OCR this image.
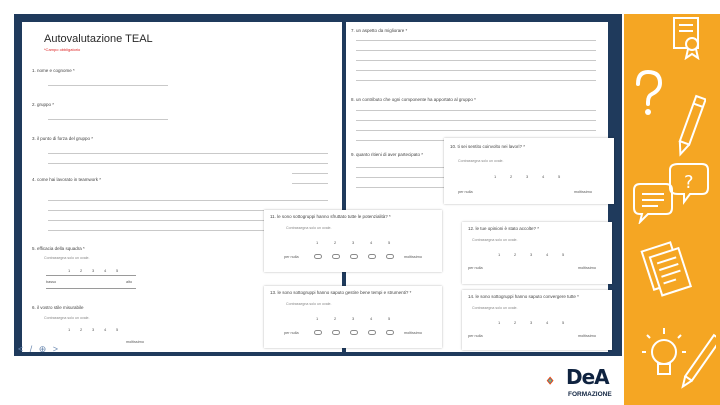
Autovalutazione TEAL
*Campo obbligatorio
1. nome e cognome *
2. gruppo *
3. il punto di forza del gruppo *
4. come hai lavorato in teamwork *
5. efficacia della squadra *
Contrassegna solo un ovale.
1 2 3 4 5
basso	alto
6. il vostro stile misurabile
Contrassegna solo un ovale.
1 2 3 4 5
moltissimo
7. un aspetto da migliorare *
8. un contributo che ogni componente ha apportato al gruppo *
9. quanto ritieni di aver partecipato *
10. ti sei sentito coinvolto nei lavori? *
Contrassegna solo un ovale.
1	2	3	4	5
per nulla	moltissimo
11. le sono sottogruppi hanno sfruttato tutte le potenzialità? *
Contrassegna solo un ovale.
1	2	3	4	5
per nulla	moltissimo
12. le tue opinioni è stato accolte? *
Contrassegna solo un ovale.
1	2	3	4	5
per nulla	moltissimo
13. le sono sottogruppi hanno saputo gestire bene tempi e strumenti? *
Contrassegna solo un ovale.
1	2	3	4	5
per nulla	moltissimo
14. le sono sottogruppi hanno saputo convergere tutte *
Contrassegna solo un ovale.
1	2	3	4	5
per nulla	moltissimo
< / ⊕ >
?
DeA
FORMAZIONE
